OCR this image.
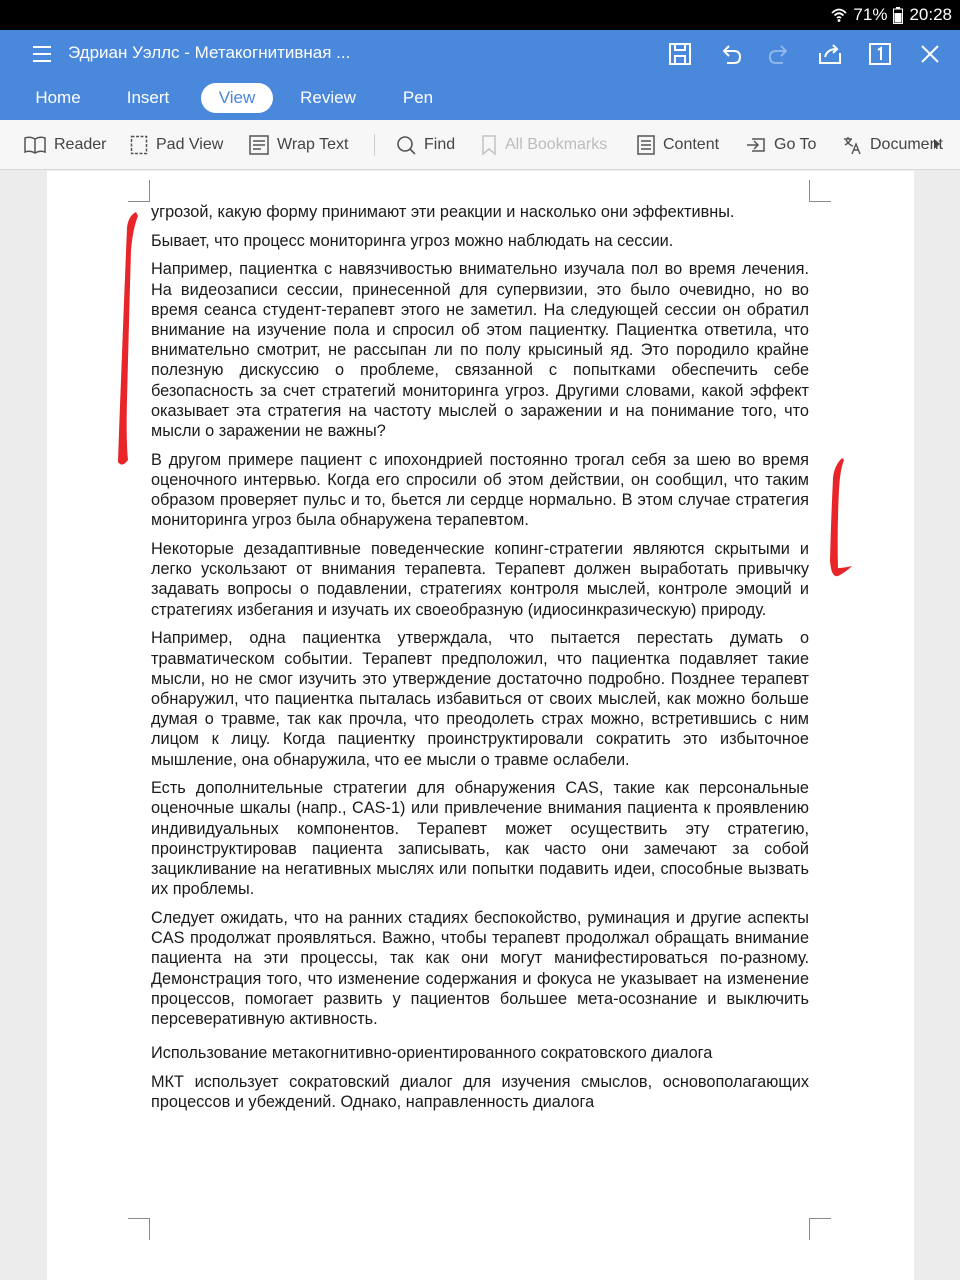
71% 20:28
Эдриан Уэллс - Метакогнитивная ...
Home	Insert	View	Review	Pen
Reader	Pad View	Wrap Text	Find	All Bookmarks	Content	Go To	Document

угрозой, какую форму принимают эти реакции и насколько они эффективны.

Бывает, что процесс мониторинга угроз можно наблюдать на сессии.

Например, пациентка с навязчивостью внимательно изучала пол во время лечения. На видеозаписи сессии, принесенной для супервизии, это было очевидно, но во время сеанса студент-терапевт этого не заметил. На следующей сессии он обратил внимание на изучение пола и спросил об этом пациентку. Пациентка ответила, что внимательно смотрит, не рассыпан ли по полу крысиный яд. Это породило крайне полезную дискуссию о проблеме, связанной с попытками обеспечить себе безопасность за счет стратегий мониторинга угроз. Другими словами, какой эффект оказывает эта стратегия на частоту мыслей о заражении и на понимание того, что мысли о заражении не важны?

В другом примере пациент с ипохондрией постоянно трогал себя за шею во время оценочного интервью. Когда его спросили об этом действии, он сообщил, что таким образом проверяет пульс и то, бьется ли сердце нормально. В этом случае стратегия мониторинга угроз была обнаружена терапевтом.

Некоторые дезадаптивные поведенческие копинг-стратегии являются скрытыми и легко ускользают от внимания терапевта. Терапевт должен выработать привычку задавать вопросы о подавлении, стратегиях контроля мыслей, контроле эмоций и стратегиях избегания и изучать их своеобразную (идиосинкразическую) природу.

Например, одна пациентка утверждала, что пытается перестать думать о травматическом событии. Терапевт предположил, что пациентка подавляет такие мысли, но не смог изучить это утверждение достаточно подробно. Позднее терапевт обнаружил, что пациентка пыталась избавиться от своих мыслей, как можно больше думая о травме, так как прочла, что преодолеть страх можно, встретившись с ним лицом к лицу. Когда пациентку проинструктировали сократить это избыточное мышление, она обнаружила, что ее мысли о травме ослабели.

Есть дополнительные стратегии для обнаружения CAS, такие как персональные оценочные шкалы (напр., CAS-1) или привлечение внимания пациента к проявлению индивидуальных компонентов. Терапевт может осуществить эту стратегию, проинструктировав пациента записывать, как часто они замечают за собой зацикливание на негативных мыслях или попытки подавить идеи, способные вызвать их проблемы.

Следует ожидать, что на ранних стадиях беспокойство, руминация и другие аспекты CAS продолжат проявляться. Важно, чтобы терапевт продолжал обращать внимание пациента на эти процессы, так как они могут манифестироваться по-разному. Демонстрация того, что изменение содержания и фокуса не указывает на изменение процессов, помогает развить у пациентов большее мета-осознание и выключить персеверативную активность.

Использование метакогнитивно-ориентированного сократовского диалога

МКТ использует сократовский диалог для изучения смыслов, основополагающих процессов и убеждений. Однако, направленность диалога
